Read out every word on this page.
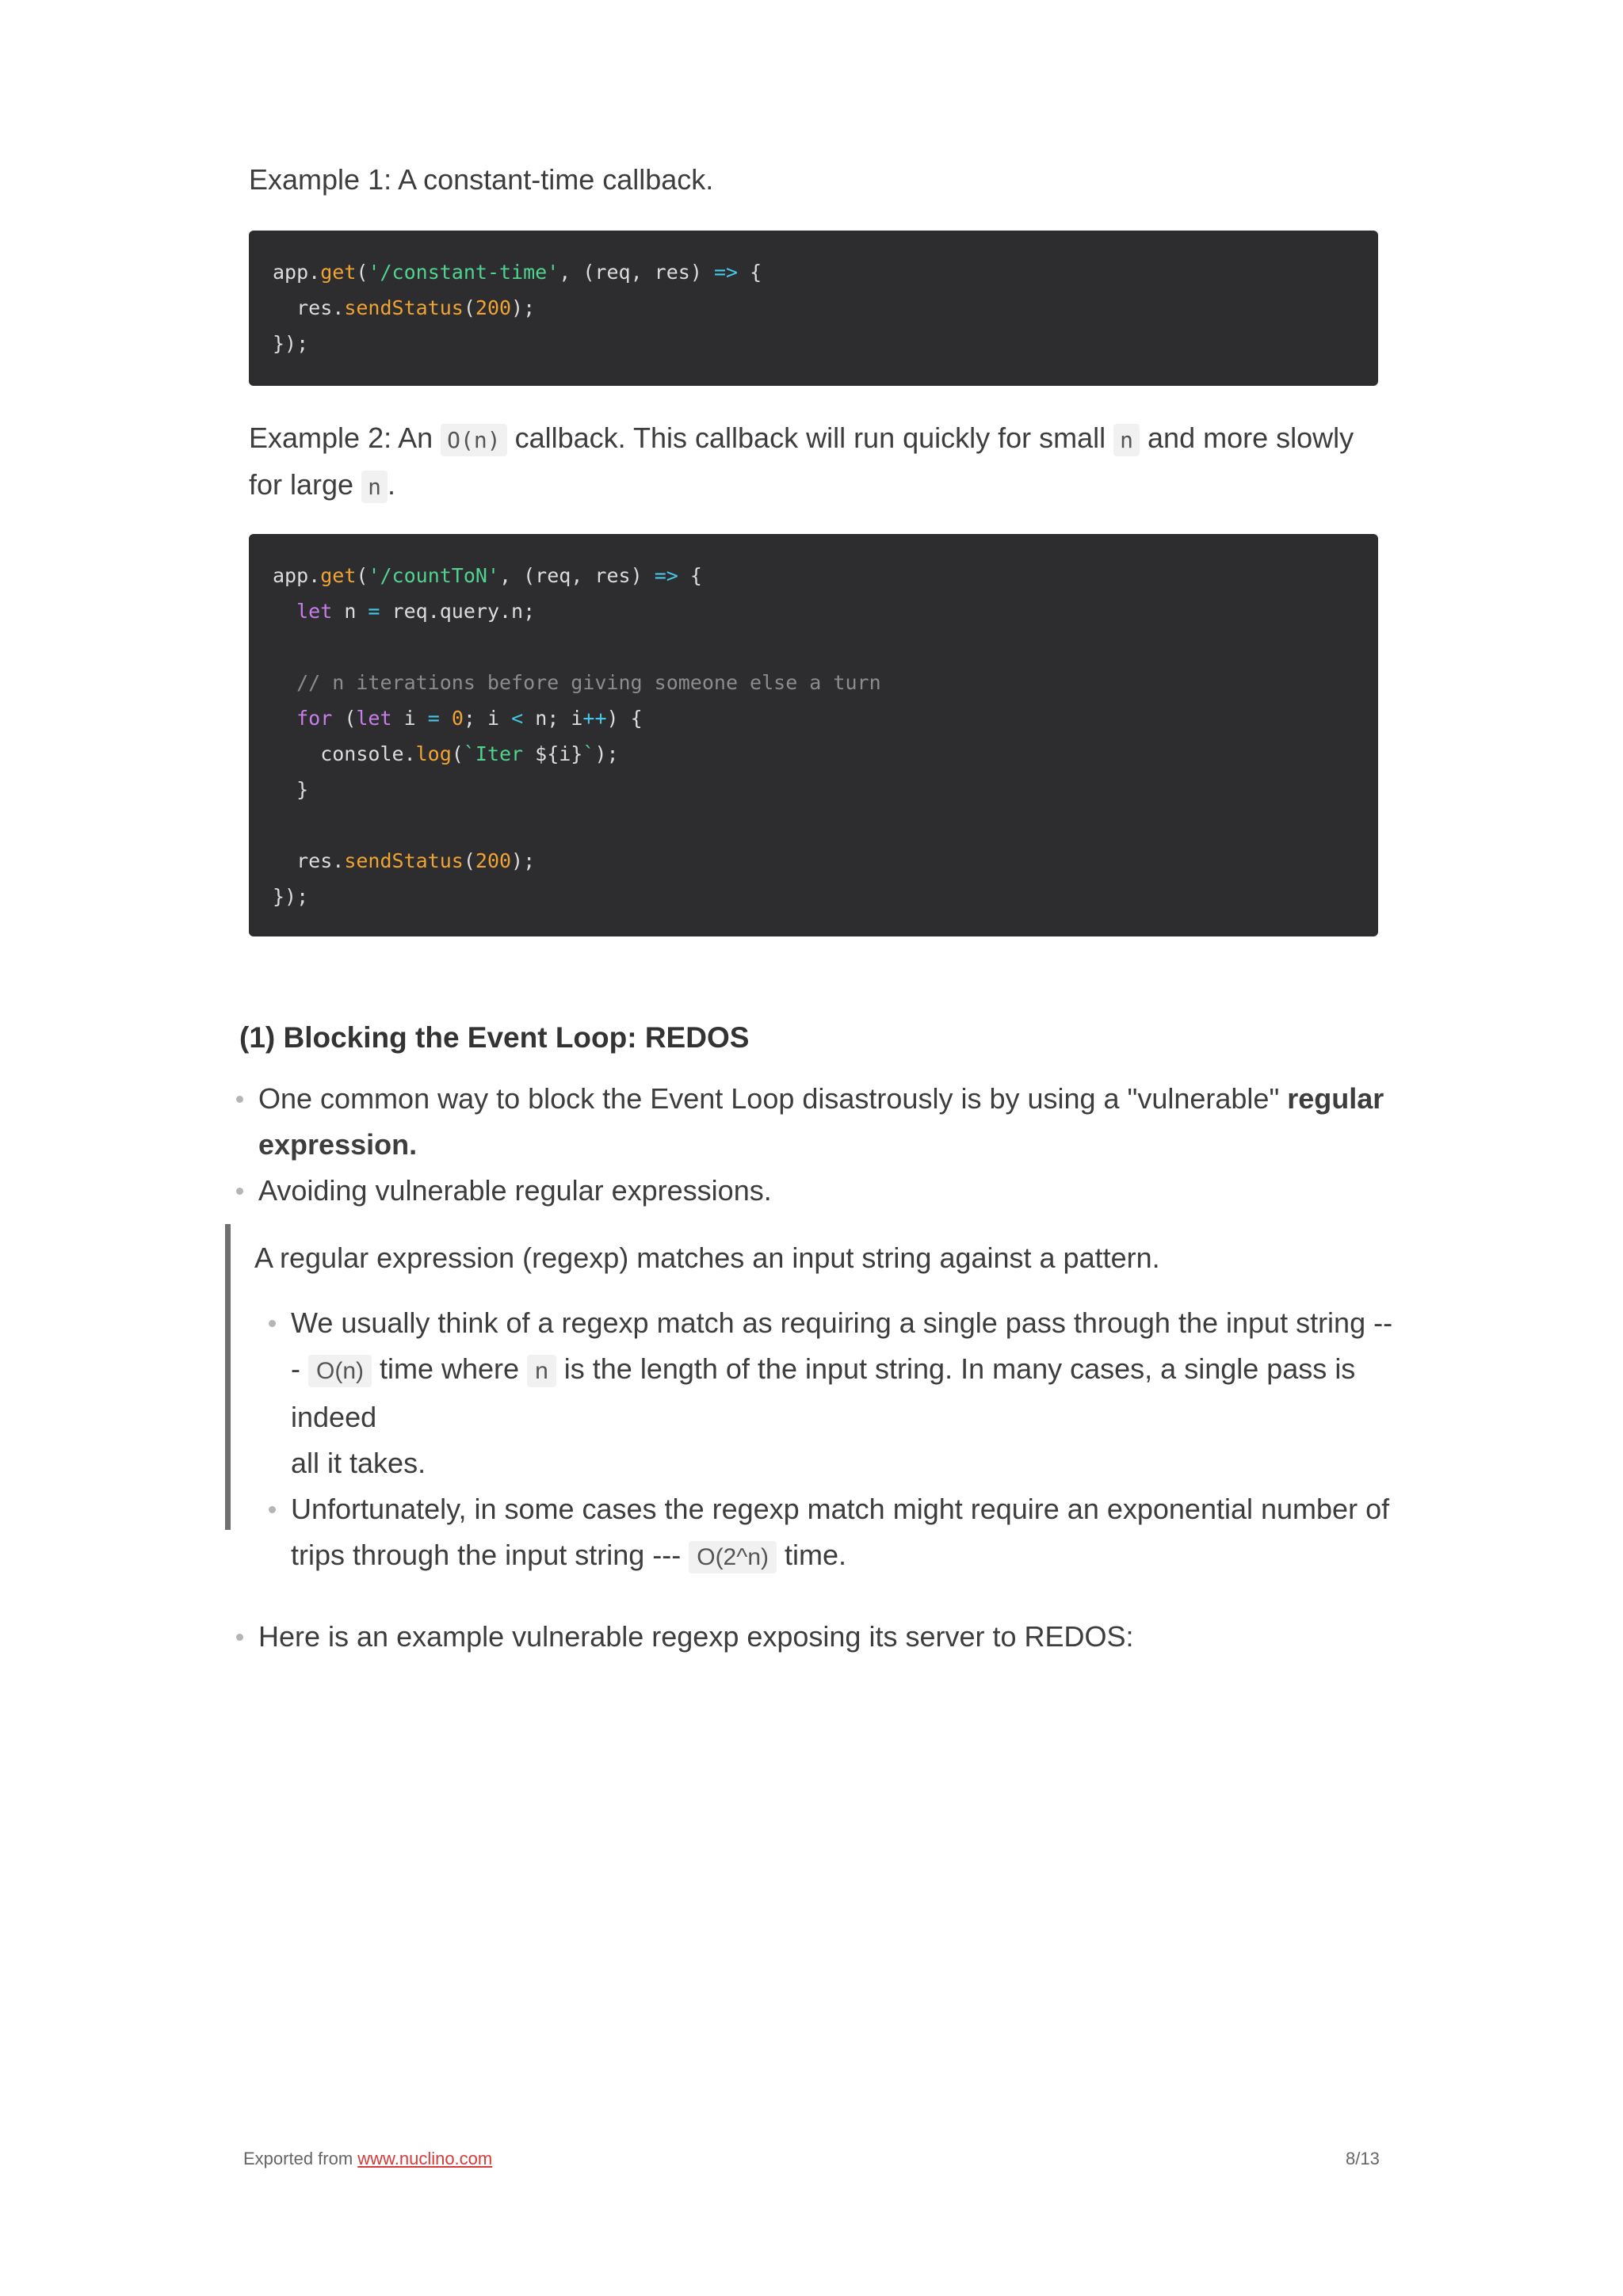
Example 1: A constant-time callback.
app.get('/constant-time', (req, res) => {
res.sendStatus(200);
});
Example 2: An O(n) callback. This callback will run quickly for small n and more slowly for large n .
app.get('/countToN', (req, res) => {
let n = req.query.n;
// n iterations before giving someone else a turn
for (let i = 0; i < n; i++) {
console.log(`Iter ${i}`);
}
res.sendStatus(200);
});
(1) Blocking the Event Loop: REDOS
One common way to block the Event Loop disastrously is by using a "vulnerable" regular expression.
Avoiding vulnerable regular expressions.
A regular expression (regexp) matches an input string against a pattern.
We usually think of a regexp match as requiring a single pass through the input string --
- O(n) time where n is the length of the input string. In many cases, a single pass is indeed
all it takes.
Unfortunately, in some cases the regexp match might require an exponential number of
trips through the input string --- O(2^n) time.
Here is an example vulnerable regexp exposing its server to REDOS:
Exported from www.nuclino.com	8/13
